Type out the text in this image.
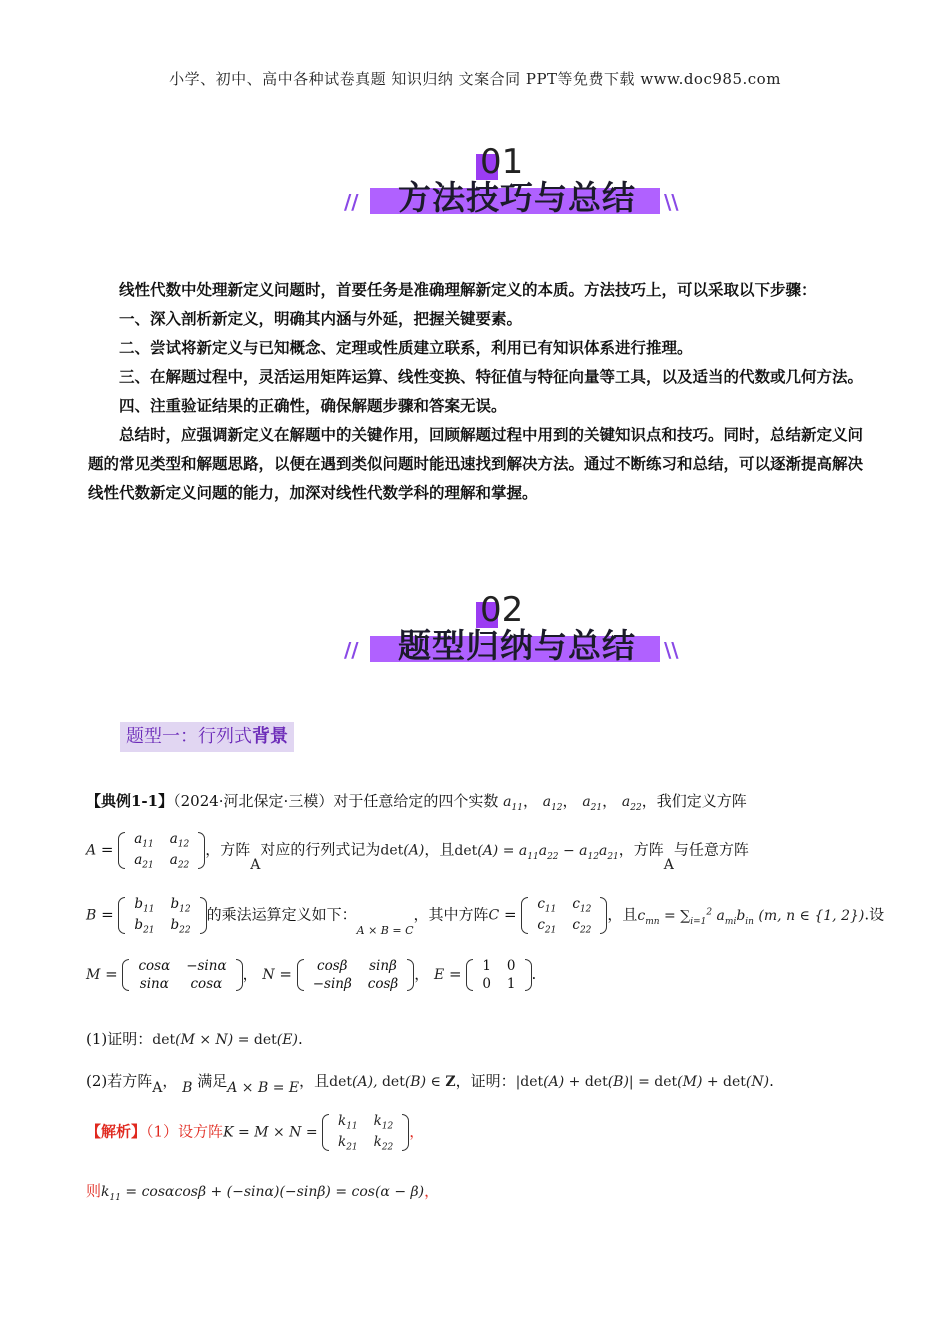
小学、初中、高中各种试卷真题 知识归纳 文案合同 PPT等免费下载 www.doc985.com
01
//	方法技巧与总结	\\

线性代数中处理新定义问题时，首要任务是准确理解新定义的本质。方法技巧上，可以采取以下步骤：

一、深入剖析新定义，明确其内涵与外延，把握关键要素。

二、尝试将新定义与已知概念、定理或性质建立联系，利用已有知识体系进行推理。

三、在解题过程中，灵活运用矩阵运算、线性变换、特征值与特征向量等工具，以及适当的代数或几何方法。

四、注重验证结果的正确性，确保解题步骤和答案无误。

总结时，应强调新定义在解题中的关键作用，回顾解题过程中用到的关键知识点和技巧。同时，总结新定义问题的常见类型和解题思路，以便在遇到类似问题时能迅速找到解决方法。通过不断练习和总结，可以逐渐提高解决线性代数新定义问题的能力，加深对线性代数学科的理解和掌握。

02
//	题型归纳与总结	\\
题型一：行列式背景
【典例1-1】（2024·河北保定·三模）对于任意给定的四个实数 $a_{11}$， $a_{12}$， $a_{21}$， $a_{22}$，我们定义方阵
A =
$a_{11}$	$a_{12}$
$a_{21}$	$a_{22}$
，方阵A对应的行列式记为det(A)，且$\det(A) = a_{11}a_{22} - a_{12}a_{21}$，方阵A与任意方阵
B =
$b_{11}$	$b_{12}$
$b_{21}$	$b_{22}$
的乘法运算定义如下：$_{A \times B = C}$，其中方阵C =
$c_{11}$	$c_{12}$
$c_{21}$	$c_{22}$
，且$c_{mn} = \sum_{i=1}^2$ $a_{mi}b_{in}$ (m, n ∈ {1, 2}).设
M = cosα	−sinα
sinα	cosα
， N = cosβ	sinβ
−sinβ	cosβ
， E = 1	0
0	1
.
(1)证明：det(M × N) = det(E).
(2)若方阵A， B 满足A × B = E，且det(A), det(B) ∈ Z，证明：|det(A) + det(B)| = det(M) + det(N).
【解析】（1）设方阵K = M × N =
$k_{11}$	$k_{12}$
$k_{21}$	$k_{22}$
，
则$k_{11} = \cos\alpha\cos\beta + (-\sin\alpha)(-\sin\beta) = \cos(\alpha - \beta)$，
